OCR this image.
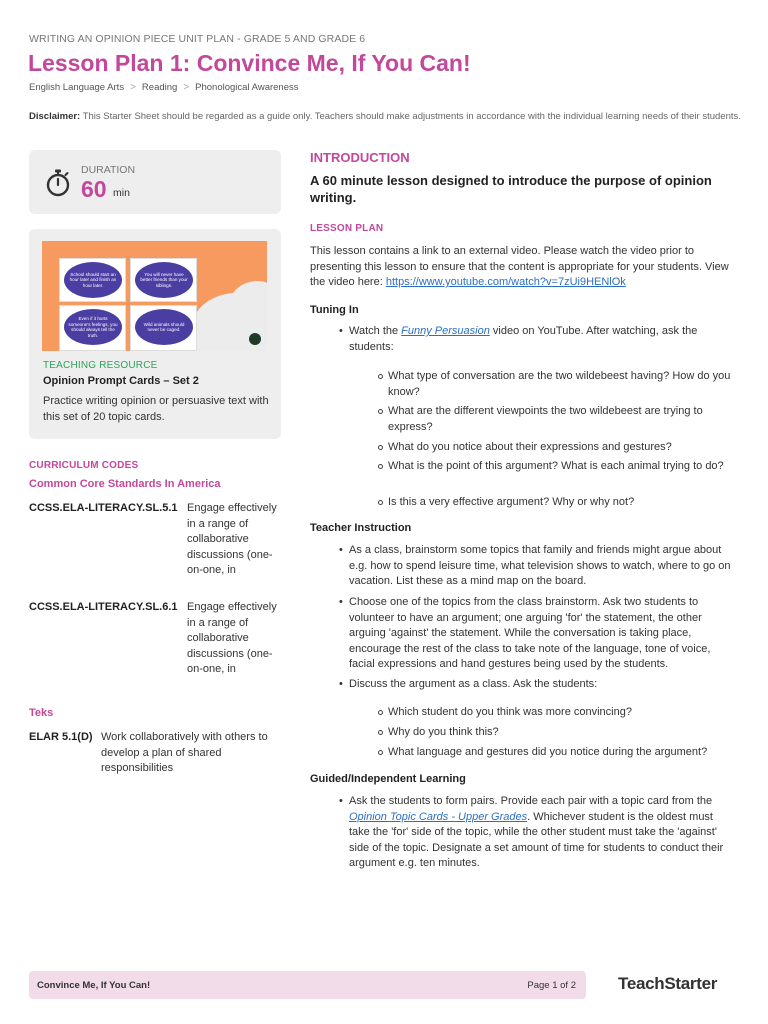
WRITING AN OPINION PIECE UNIT PLAN - GRADE 5 AND GRADE 6
Lesson Plan 1: Convince Me, If You Can!
English Language Arts > Reading > Phonological Awareness

Disclaimer: This Starter Sheet should be regarded as a guide only. Teachers should make adjustments in accordance with the individual learning needs of their students.

DURATION
60 min
School should start an hour later and finish an hour later.
You will never have better friends than your siblings.
Even if it hurts someone's feelings, you should always tell the truth.
Wild animals should never be caged.
TEACHING RESOURCE
Opinion Prompt Cards – Set 2
Practice writing opinion or persuasive text with this set of 20 topic cards.
CURRICULUM CODES
Common Core Standards In America
CCSS.ELA-LITERACY.SL.5.1 Engage effectively in a range of collaborative discussions (one-on-one, in
CCSS.ELA-LITERACY.SL.6.1 Engage effectively in a range of collaborative discussions (one-on-one, in
Teks
ELAR 5.1(D) Work collaboratively with others to develop a plan of shared responsibilities
INTRODUCTION

A 60 minute lesson designed to introduce the purpose of opinion writing.

LESSON PLAN

This lesson contains a link to an external video. Please watch the video prior to presenting this lesson to ensure that the content is appropriate for your students. View the video here: https://www.youtube.com/watch?v=7zUi9HENlOk

Tuning In
• Watch the Funny Persuasion video on YouTube. After watching, ask the students:
What type of conversation are the two wildebeest having? How do you know?
What are the different viewpoints the two wildebeest are trying to express?
What do you notice about their expressions and gestures?
What is the point of this argument? What is each animal trying to do?
Is this a very effective argument? Why or why not?
Teacher Instruction
• As a class, brainstorm some topics that family and friends might argue about e.g. how to spend leisure time, what television shows to watch, where to go on vacation. List these as a mind map on the board.
• Choose one of the topics from the class brainstorm. Ask two students to volunteer to have an argument; one arguing 'for' the statement, the other arguing 'against' the statement. While the conversation is taking place, encourage the rest of the class to take note of the language, tone of voice, facial expressions and hand gestures being used by the students.
• Discuss the argument as a class. Ask the students:
Which student do you think was more convincing?
Why do you think this?
What language and gestures did you notice during the argument?
Guided/Independent Learning
• Ask the students to form pairs. Provide each pair with a topic card from the Opinion Topic Cards - Upper Grades. Whichever student is the oldest must take the 'for' side of the topic, while the other student must take the 'against' side of the topic. Designate a set amount of time for students to conduct their argument e.g. ten minutes.
Convince Me, If You Can!	Page 1 of 2 TeachStarter
